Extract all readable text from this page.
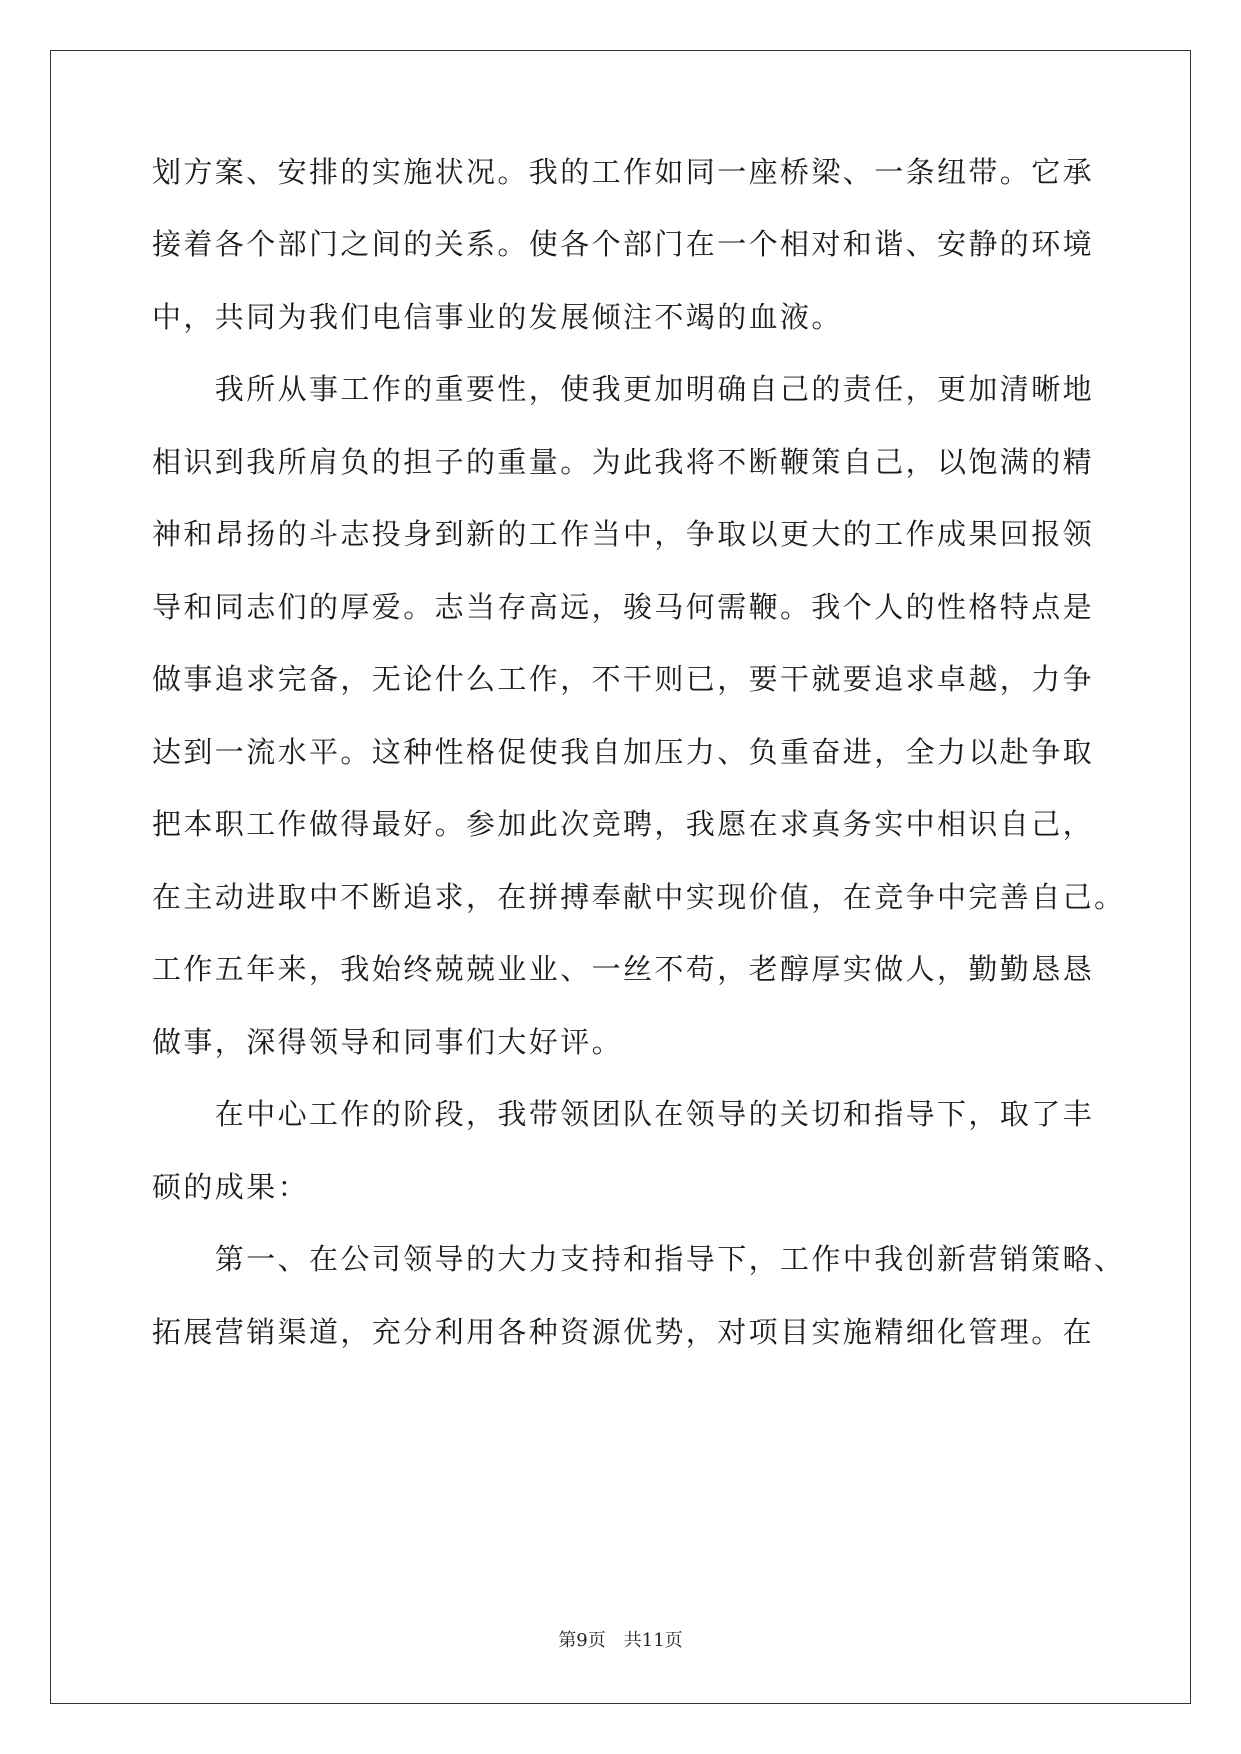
划方案、安排的实施状况。我的工作如同一座桥梁、一条纽带。它承
接着各个部门之间的关系。使各个部门在一个相对和谐、安静的环境
中，共同为我们电信事业的发展倾注不竭的血液。
　　我所从事工作的重要性，使我更加明确自己的责任，更加清晰地
相识到我所肩负的担子的重量。为此我将不断鞭策自己，以饱满的精
神和昂扬的斗志投身到新的工作当中，争取以更大的工作成果回报领
导和同志们的厚爱。志当存高远，骏马何需鞭。我个人的性格特点是
做事追求完备，无论什么工作，不干则已，要干就要追求卓越，力争
达到一流水平。这种性格促使我自加压力、负重奋进，全力以赴争取
把本职工作做得最好。参加此次竞聘，我愿在求真务实中相识自己，
在主动进取中不断追求，在拼搏奉献中实现价值，在竞争中完善自己。
工作五年来，我始终兢兢业业、一丝不苟，老醇厚实做人，勤勤恳恳
做事，深得领导和同事们大好评。
　　在中心工作的阶段，我带领团队在领导的关切和指导下，取了丰
硕的成果：
　　第一、在公司领导的大力支持和指导下，工作中我创新营销策略、
拓展营销渠道，充分利用各种资源优势，对项目实施精细化管理。在
第9页　共11页
